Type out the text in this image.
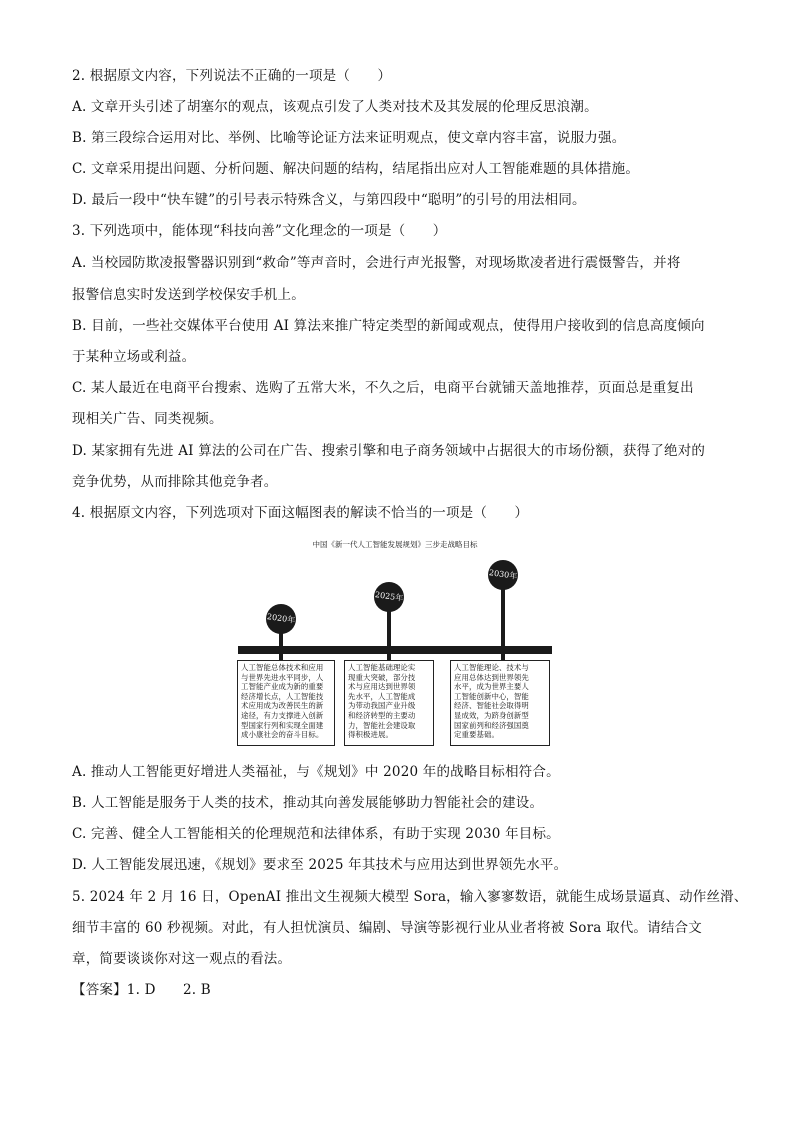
2. 根据原文内容，下列说法不正确的一项是（　　）
A. 文章开头引述了胡塞尔的观点，该观点引发了人类对技术及其发展的伦理反思浪潮。
B. 第三段综合运用对比、举例、比喻等论证方法来证明观点，使文章内容丰富，说服力强。
C. 文章采用提出问题、分析问题、解决问题的结构，结尾指出应对人工智能难题的具体措施。
D. 最后一段中“快车键”的引号表示特殊含义，与第四段中“聪明”的引号的用法相同。
3. 下列选项中，能体现“科技向善”文化理念的一项是（　　）
A. 当校园防欺凌报警器识别到“救命”等声音时，会进行声光报警，对现场欺凌者进行震慑警告，并将
报警信息实时发送到学校保安手机上。
B. 目前，一些社交媒体平台使用 AI 算法来推广特定类型的新闻或观点，使得用户接收到的信息高度倾向
于某种立场或利益。
C. 某人最近在电商平台搜索、选购了五常大米，不久之后，电商平台就铺天盖地推荐，页面总是重复出
现相关广告、同类视频。
D. 某家拥有先进 AI 算法的公司在广告、搜索引擎和电子商务领域中占据很大的市场份额，获得了绝对的
竞争优势，从而排除其他竞争者。
4. 根据原文内容，下列选项对下面这幅图表的解读不恰当的一项是（　　）
A. 推动人工智能更好增进人类福祉，与《规划》中 2020 年的战略目标相符合。
B. 人工智能是服务于人类的技术，推动其向善发展能够助力智能社会的建设。
C. 完善、健全人工智能相关的伦理规范和法律体系，有助于实现 2030 年目标。
D. 人工智能发展迅速，《规划》要求至 2025 年其技术与应用达到世界领先水平。
5. 2024 年 2 月 16 日，OpenAI 推出文生视频大模型 Sora，输入寥寥数语，就能生成场景逼真、动作丝滑、
细节丰富的 60 秒视频。对此，有人担忧演员、编剧、导演等影视行业从业者将被 Sora 取代。请结合文
章，简要谈谈你对这一观点的看法。
【答案】1. D　　2. B
中国《新一代人工智能发展规划》三步走战略目标
2020年
人工智能总体技术和应用
与世界先进水平同步，人
工智能产业成为新的重要
经济增长点，人工智能技
术应用成为改善民生的新
途径，有力支撑进入创新
型国家行列和实现全面建
成小康社会的奋斗目标。
2025年
人工智能基础理论实
现重大突破，部分技
术与应用达到世界领
先水平，人工智能成
为带动我国产业升级
和经济转型的主要动
力，智能社会建设取
得积极进展。
2030年
人工智能理论、技术与
应用总体达到世界领先
水平，成为世界主要人
工智能创新中心，智能
经济、智能社会取得明
显成效，为跻身创新型
国家前列和经济强国奠
定重要基础。
